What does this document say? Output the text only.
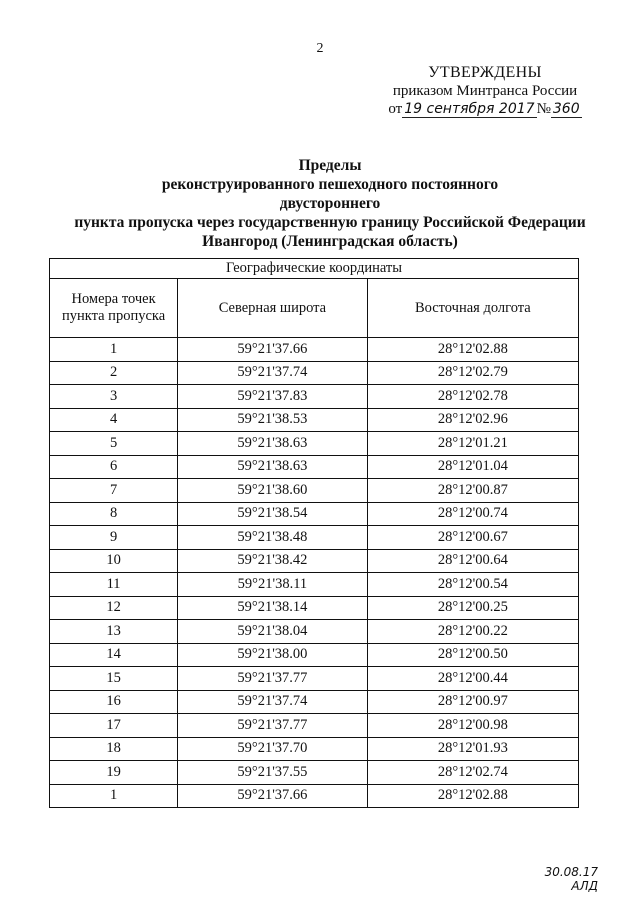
2
УТВЕРЖДЕНЫ
приказом Минтранса России
от 19 сентября 2017 № 360
Пределы
реконструированного пешеходного постоянного
двустороннего
пункта пропуска через государственную границу Российской Федерации
Ивангород (Ленинградская область)
Географические координаты		
Номера точек пункта пропуска	Северная широта	Восточная долгота
1	59°21'37.66	28°12'02.88
2	59°21'37.74	28°12'02.79
3	59°21'37.83	28°12'02.78
4	59°21'38.53	28°12'02.96
5	59°21'38.63	28°12'01.21
6	59°21'38.63	28°12'01.04
7	59°21'38.60	28°12'00.87
8	59°21'38.54	28°12'00.74
9	59°21'38.48	28°12'00.67
10	59°21'38.42	28°12'00.64
11	59°21'38.11	28°12'00.54
12	59°21'38.14	28°12'00.25
13	59°21'38.04	28°12'00.22
14	59°21'38.00	28°12'00.50
15	59°21'37.77	28°12'00.44
16	59°21'37.74	28°12'00.97
17	59°21'37.77	28°12'00.98
18	59°21'37.70	28°12'01.93
19	59°21'37.55	28°12'02.74
1	59°21'37.66	28°12'02.88
30.08.17
АЛД
